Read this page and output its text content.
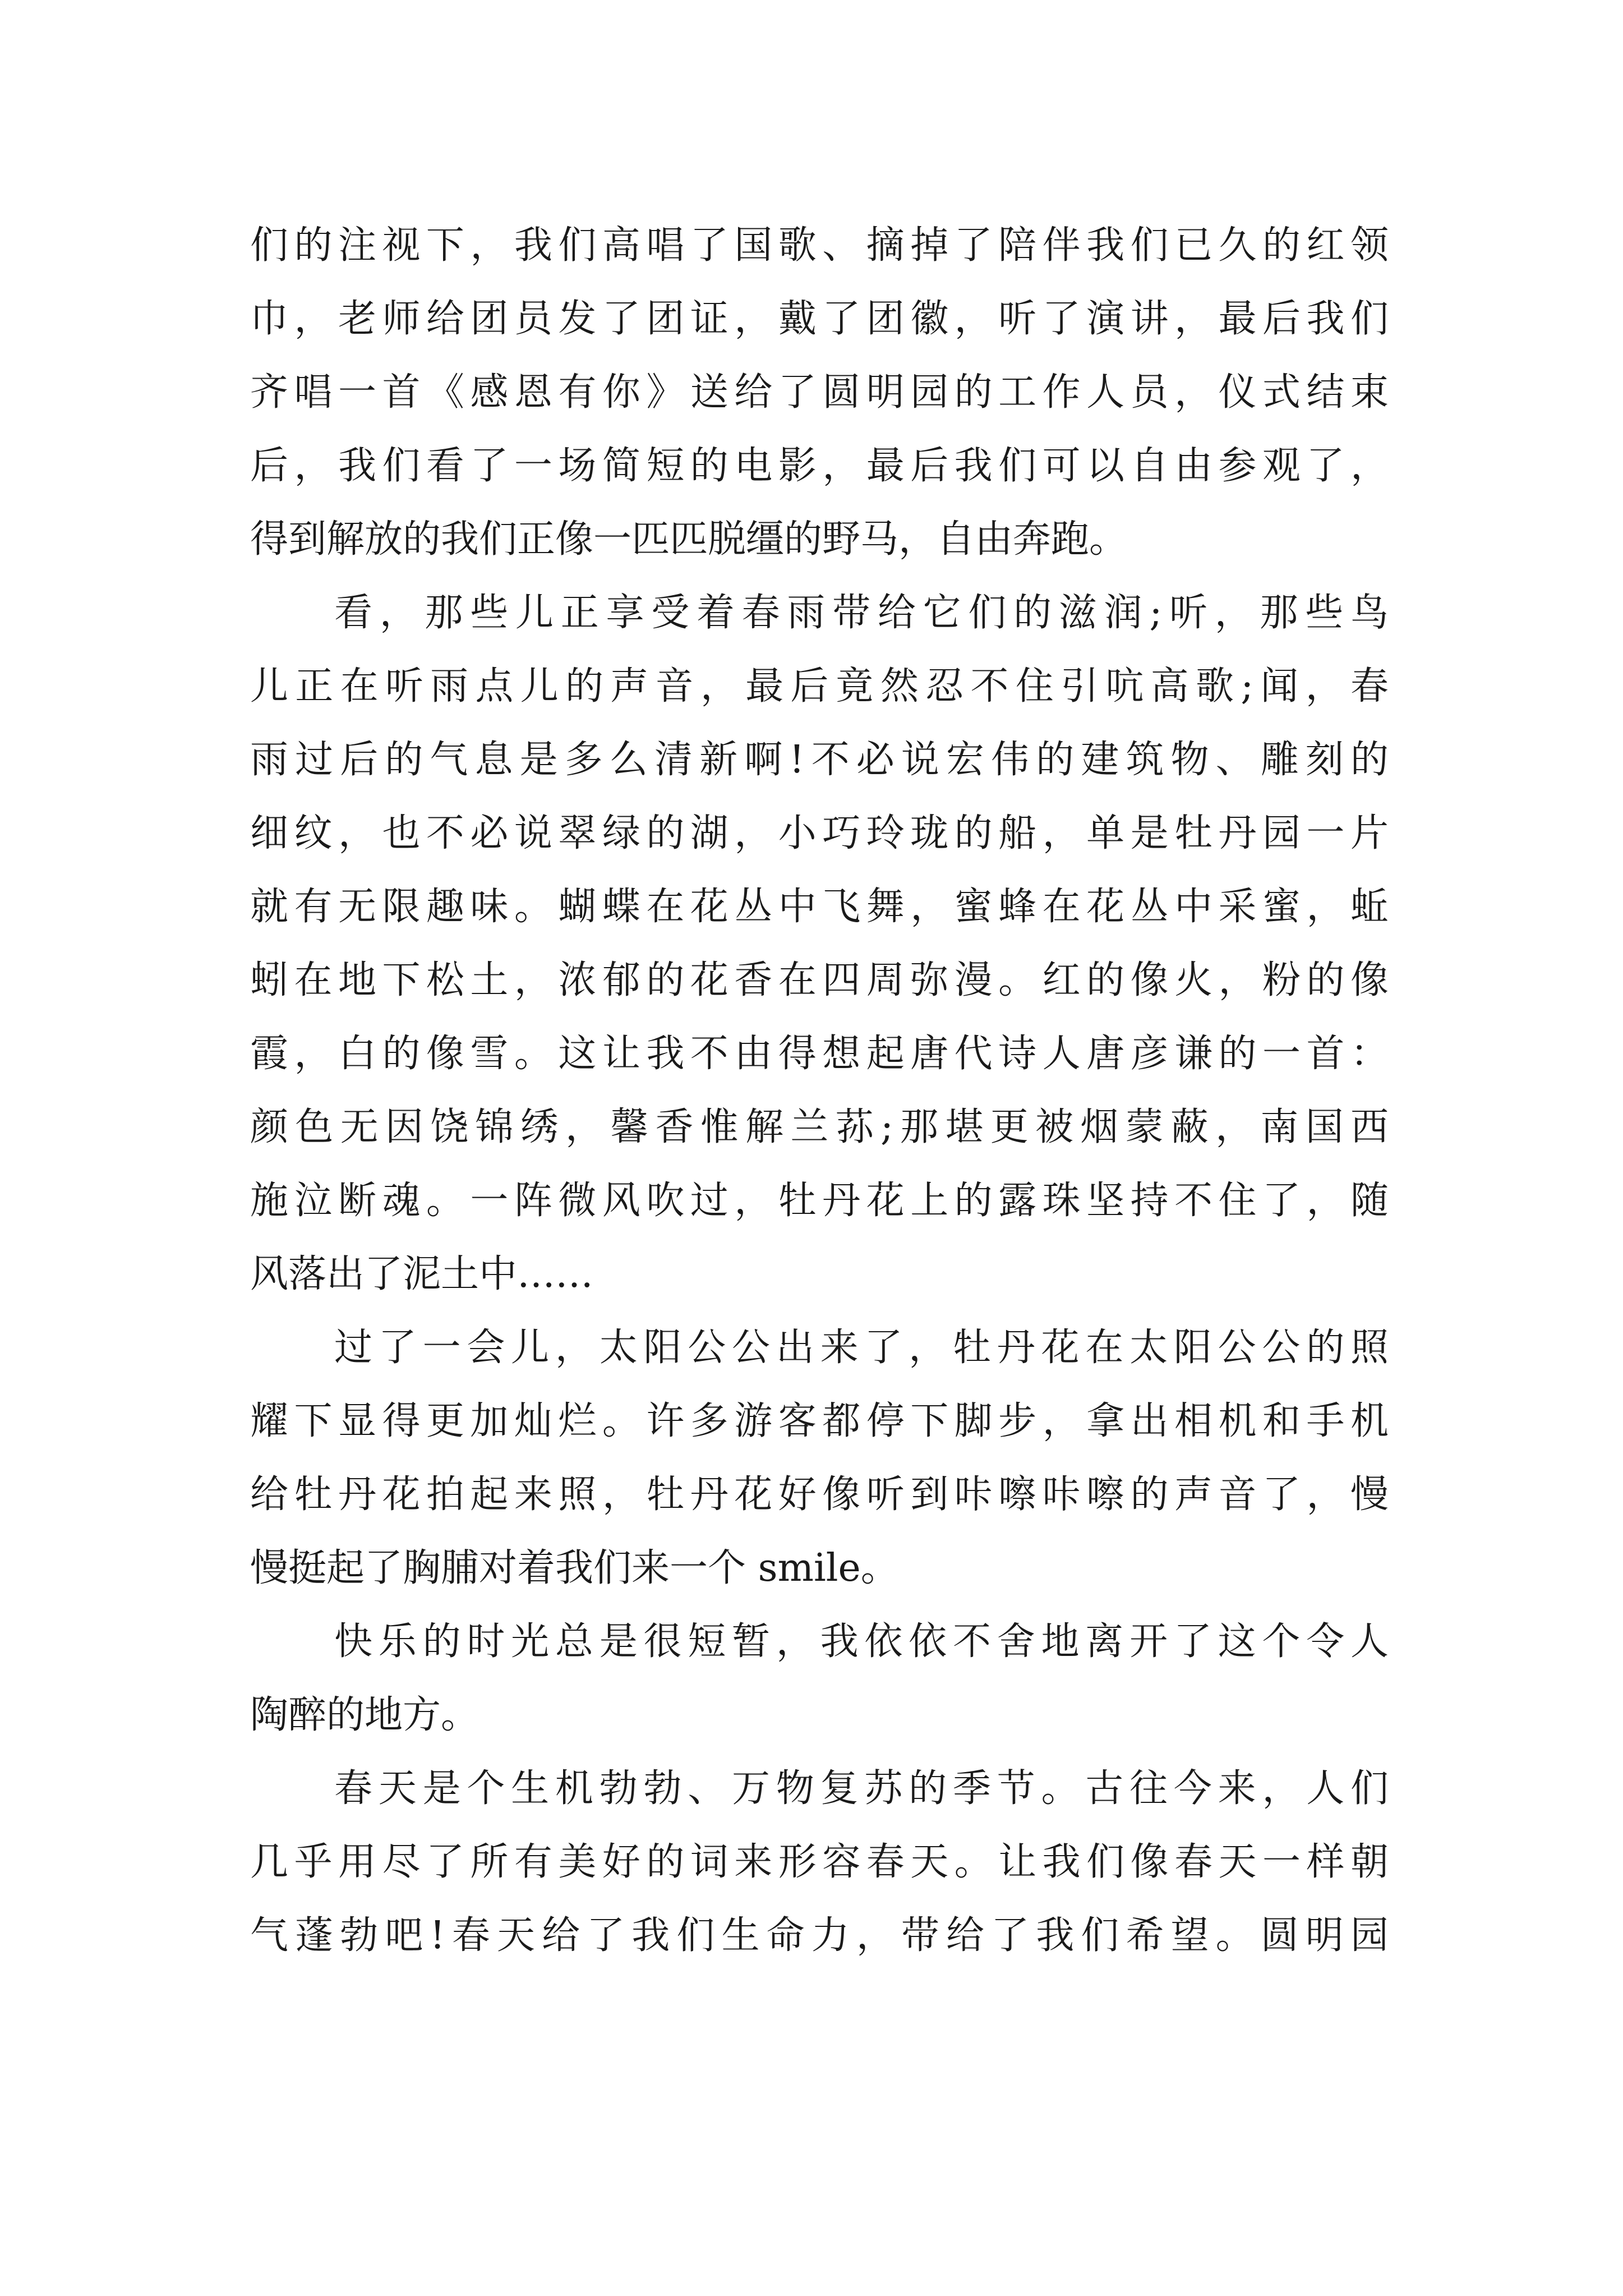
们的注视下，我们高唱了国歌、摘掉了陪伴我们已久的红领
巾，老师给团员发了团证，戴了团徽，听了演讲，最后我们
齐唱一首《感恩有你》送给了圆明园的工作人员，仪式结束
后，我们看了一场简短的电影，最后我们可以自由参观了，
得到解放的我们正像一匹匹脱缰的野马，自由奔跑。
看，那些儿正享受着春雨带给它们的滋润;听，那些鸟
儿正在听雨点儿的声音，最后竟然忍不住引吭高歌;闻，春
雨过后的气息是多么清新啊!不必说宏伟的建筑物、雕刻的
细纹，也不必说翠绿的湖，小巧玲珑的船，单是牡丹园一片
就有无限趣味。蝴蝶在花丛中飞舞，蜜蜂在花丛中采蜜，蚯
蚓在地下松土，浓郁的花香在四周弥漫。红的像火，粉的像
霞，白的像雪。这让我不由得想起唐代诗人唐彦谦的一首：
颜色无因饶锦绣，馨香惟解兰荪;那堪更被烟蒙蔽，南国西
施泣断魂。一阵微风吹过，牡丹花上的露珠坚持不住了，随
风落出了泥土中……
过了一会儿，太阳公公出来了，牡丹花在太阳公公的照
耀下显得更加灿烂。许多游客都停下脚步，拿出相机和手机
给牡丹花拍起来照，牡丹花好像听到咔嚓咔嚓的声音了，慢
慢挺起了胸脯对着我们来一个 smile。
快乐的时光总是很短暂，我依依不舍地离开了这个令人
陶醉的地方。
春天是个生机勃勃、万物复苏的季节。古往今来，人们
几乎用尽了所有美好的词来形容春天。让我们像春天一样朝
气蓬勃吧!春天给了我们生命力，带给了我们希望。圆明园
